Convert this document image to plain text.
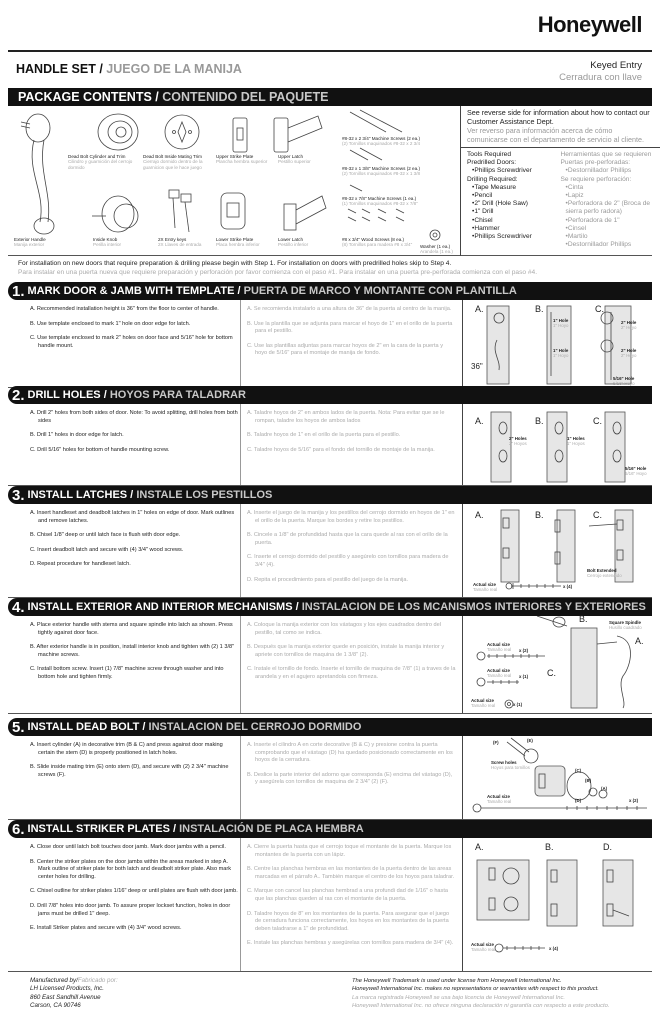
Honeywell
HANDLE SET / JUEGO DE LA MANIJA	Keyed Entry
Cerradura con llave
PACKAGE CONTENTS /
CONTENIDO DEL PAQUETE
Exterior Handle
Manija exterior
Dead Bolt Cylinder and Trim
Cilindro y guarnición del cerrojo dormido
Dead Bolt Inside Mating Trim
Cierrajo dormido dentro de la guarnicion que le hace juego
Upper Strike Plate
Plancha hembra superior
Upper Latch
Pestillo superior
Inside Knob
Perilla interior
2X Entry keys
2X Llaves de entrada
Lower Strike Plate
Placa hembra inferior
Lower Latch
Pestillo inferior
#8-32 x 2 3/4" Machine Screws (2 ea.)
(2) Tornillos maquinados #8-32 x 2 3/4
#8-32 x 1 3/8" Machine Screws (2 ea.)
(2) Tornillos maquinados #8-32 x 1 3/8
#8-32 x 7/8" Machine Screws (1 ea.)
(1) Tornillos maquinados #8-32 x 7/8"
#8 x 3/4" Wood Screws (8 ea.)
(8) Tornillos para madera #8 x 3/4" Washer (1 ea.)
Arandela (1 ea.)
See reverse side for information about how to contact our Customer Assistance Dept.
Ver reverso para información acerca de cómo comunicarse con el departamento de servicio al cliente.
Tools Required
Predrilled Doors:
• Phillips Screwdriver
Drilling Required:
• Tape Measure
• Pencil
• 2" Drill (Hole Saw)
• 1" Drill
• Chisel
• Hammer
• Phillips Screwdriver
Herramientas que se requieren Puertas pre-perforadas:
• Destornillador Phillips
Se requiere perforación:
• Cinta
• Lapiz
• Perforadora de 2" (Broca de sierra perfo radora)
• Perforadora de 1"
• Cinsel
• Martilo
• Destornillador Phillips
For installation on new doors that require preparation & drilling please begin with Step 1. For installation on doors with predrilled holes skip to Step 4.
Para instalar en una puerta nueva que requiere preparación y perforación por favor comienza con el paso #1. Para instalar en una puerta pre-perforada comienza con el paso #4.
1. MARK DOOR & JAMB WITH TEMPLATE /
PUERTA DE MARCO Y MONTANTE CON PLANTILLA
A. Recommended installation height is 36" from the floor to center of handle.
B. Use template enclosed to mark 1" hole on door edge for latch.
C. Use template enclosed to mark 2" holes on door face and 5/16" hole for bottom handle mount.
A. Se recomienda instalarlo a una altura de 36" de la puerta al centro de la manija.
B. Use la plantilla que se adjunta para marcar el hoyo de 1" en el orillo de la puerta para el pestillo.
C. Use las plantillas adjuntas para marcar hoyos de 2" en la cara de la puerta y hoyo de 5/16" para el montaje de manija de fondo.
A.	B.	C.
36"
1" Hole
1" Hoyo
1" Hole
1" Hoyo
2" Hole
2" Hoyo
2" Hole
2" Hoyo
5/16" Hole
5/16" Hoyo
2. DRILL HOLES /
HOYOS PARA TALADRAR
A. Drill 2" holes from both sides of door. Note: To avoid splitting, drill holes from both sides
B. Drill 1" holes in door edge for latch.
C. Drill 5/16" holes for bottom of handle mounting screw.
A. Taladre hoyos de 2" en ambos lados de la puerta. Nota: Para evitar que se le rompan, taladre los hoyos de ambos lados
B. Taladre hoyos de 1" en el orillo de la puerta para el pestillo.
C. Taladre hoyos de 5/16" para el fondo del tornillo de montaje de la manija.
A.	B.	C.
2" Holes
2" Hoyos
1" Holes
1" Hoyos
5/16" Hole
5/16" Hoyo
3. INSTALL LATCHES /
INSTALE LOS PESTILLOS
A. Insert handleset and deadbolt latches in 1" holes on edge of door. Mark outlines and remove latches.
B. Chisel 1/8" deep or until latch face is flush with door edge.
C. Insert deadbolt latch and secure with (4) 3/4" wood screws.
D. Repeat procedure for handleset latch.
A. Inserte el juego de la manija y los pestillos del cerrojo dormido en hoyos de 1" en el orillo de la puerta. Marque los bordes y retire los pestillos.
B. Cincele a 1/8" de profundidad hasta que la cara quede al ras con el orillo de la puerta.
C. Inserte el cerrojo dormido del pestillo y asegúrelo con tornillos para madera de 3/4" (4).
D. Repita el procedimiento para el pestillo del juego de la manija.
A.	B.	C.
Bolt Extended
Cerrojo extendido
Actual size
Tamaño real
x (4)
4. INSTALL EXTERIOR AND INTERIOR MECHANISMS /
INSTALACION DE LOS MCANISMOS INTERIORES Y EXTERIORES
A. Place exterior handle with stems and square spindle into latch as shown. Press tightly against door face.
B. After exterior handle is in position, install interior knob and tighten with (2) 1 3/8" machine screws.
C. Install bottom screw. Insert (1) 7/8" machine screw through washer and into bottom hole and tighten firmly.
A. Coloque la manija exterior con los vástagos y los ejes cuadrados dentro del pestillo, tal como se indica.
B. Después que la manija exterior quede en posición, instale la manija interior y apriete con tornillos de maquina de 1 3/8" (2).
C. Instale el tornillo de fondo. Inserte el tornillo de maquina de 7/8" (1) a traves de la arandela y en el agujero apretandola con firmeza.
B.
A.
C.
Square Spindle
Husillo cuadrado
Actual size
Tamaño real x (2)
Actual size
Tamaño real x (1)
Actual size
Tamaño real	x (1)
5. INSTALL DEAD BOLT /
INSTALACION DEL CERROJO DORMIDO
A. Insert cylinder (A) in decorative trim (B & C) and press against door making certain the stem (D) is properly positioned in latch holes.
B. Slide inside mating trim (E) onto stem (D), and secure with (2) 2 3/4" machine screws (F).
A. Inserte el cilindro A en corte decorative (B & C) y presione contra la puerta comprobando que el vástago (D) ha quedado posicionado correctamente en los hoyos de la cerradura.
B. Deslice la parte interior del adorno que corresponda (E) encima del vástago (D), y asegúrela con tornillos de maquina de 2 3/4" (2) (F).
(F)	(E)
(C)
(B)
(A)
(D)
Screw holes
Hoyos para tornillos
Actual size
Tamaño real	x (2)
6. INSTALL STRIKER PLATES /
INSTALACIÓN DE PLACA HEMBRA
A. Close door until latch bolt touches door jamb. Mark door jambs with a pencil.
B. Center the striker plates on the door jambs within the areas marked in step A. Mark outline of striker plate for both latch and deadbolt striker plate. Also mark center holes for drilling.
C. Chisel outline for striker plates 1/16" deep or until plates are flush with door jamb.
D. Drill 7/8" holes into door jamb. To assure proper lockset function, holes in door jams must be drilled 1" deep.
E. Install Striker plates and secure with (4) 3/4" wood screws.
A. Cierre la puerta hasta que el cerrojo toque el montante de la puerta. Marque los montantes de la puerta con un lápiz.
B. Centre las planchas hembras en las montantes de la puerta dentro de las areas marcadas en el párrafo A.. También marque el centro de los hoyos para taladrar.
C. Marque con cancel las planchas hembrad a una profundi dad de 1/16" o hasta que las planchas queden al ras con el montante de la puerta.
D. Taladre hoyos de 8" en los montantes de la puerta. Para asegurar que el juego de cerradura funciona correctamente, los hoyos en los montantes de la puerta deben taladrarse a 1" de profundidad.
E. Instale las planchas hembras y asegúrelas con tornillos para madera de 3/4" (4).
A.	B.	D.
Actual size
Tamaño real	x (4)
Manufactured by/Fabricado por:
LH Licensed Products, Inc.
860 East Sandhill Avenue
Carson, CA 90746
The Honeywell Trademark is used under license from Honeywell International Inc.
Honeywell International Inc. makes no representations or warranties with respect to this product.
La marca registrada Honeywell se usa bajo licencia de Honeywell International Inc.
Honeywell International Inc. no ofrece ninguna declaración ni garantía con respecto a este producto.
